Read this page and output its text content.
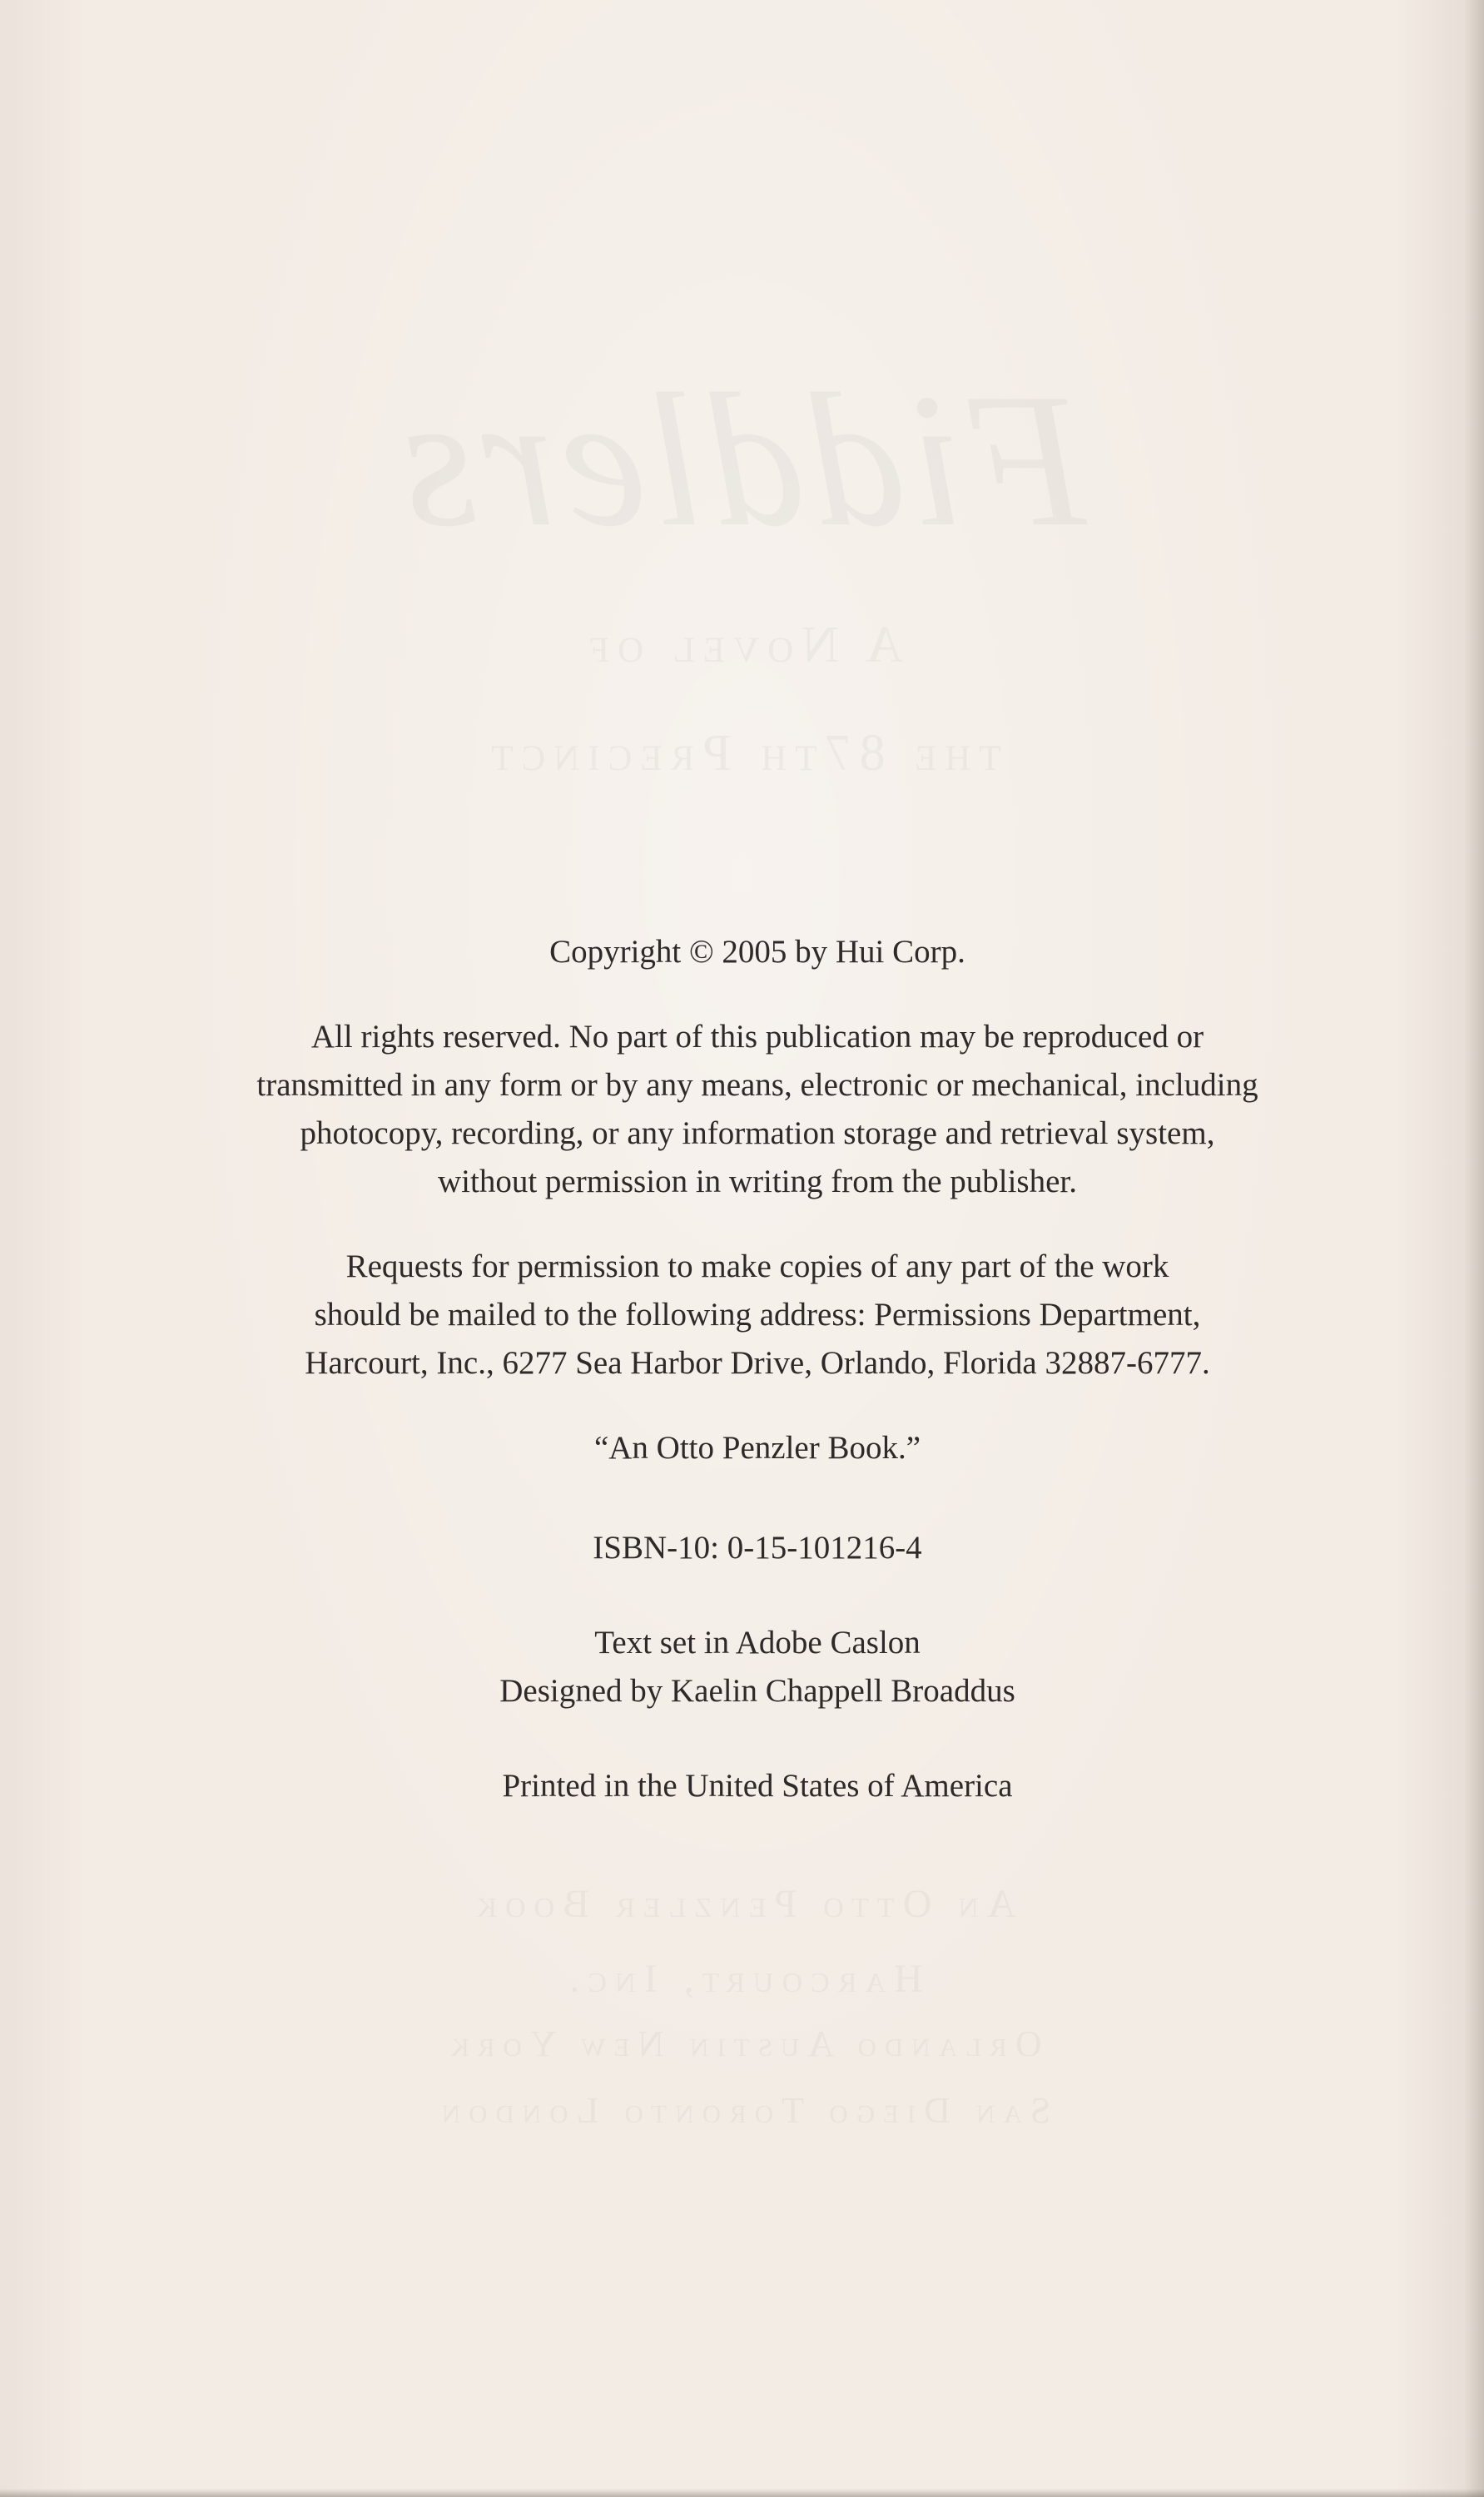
Fiddlers
A Novel of
the 87th Precinct
An Otto Penzler Book
Harcourt, Inc.
Orlando Austin New York
San Diego Toronto London

Copyright © 2005 by Hui Corp.

All rights reserved. No part of this publication may be reproduced or
transmitted in any form or by any means, electronic or mechanical, including
photocopy, recording, or any information storage and retrieval system,
without permission in writing from the publisher.

Requests for permission to make copies of any part of the work
should be mailed to the following address: Permissions Department,
Harcourt, Inc., 6277 Sea Harbor Drive, Orlando, Florida 32887-6777.

“An Otto Penzler Book.”

ISBN-10: 0-15-101216-4

Text set in Adobe Caslon
Designed by Kaelin Chappell Broaddus

Printed in the United States of America
